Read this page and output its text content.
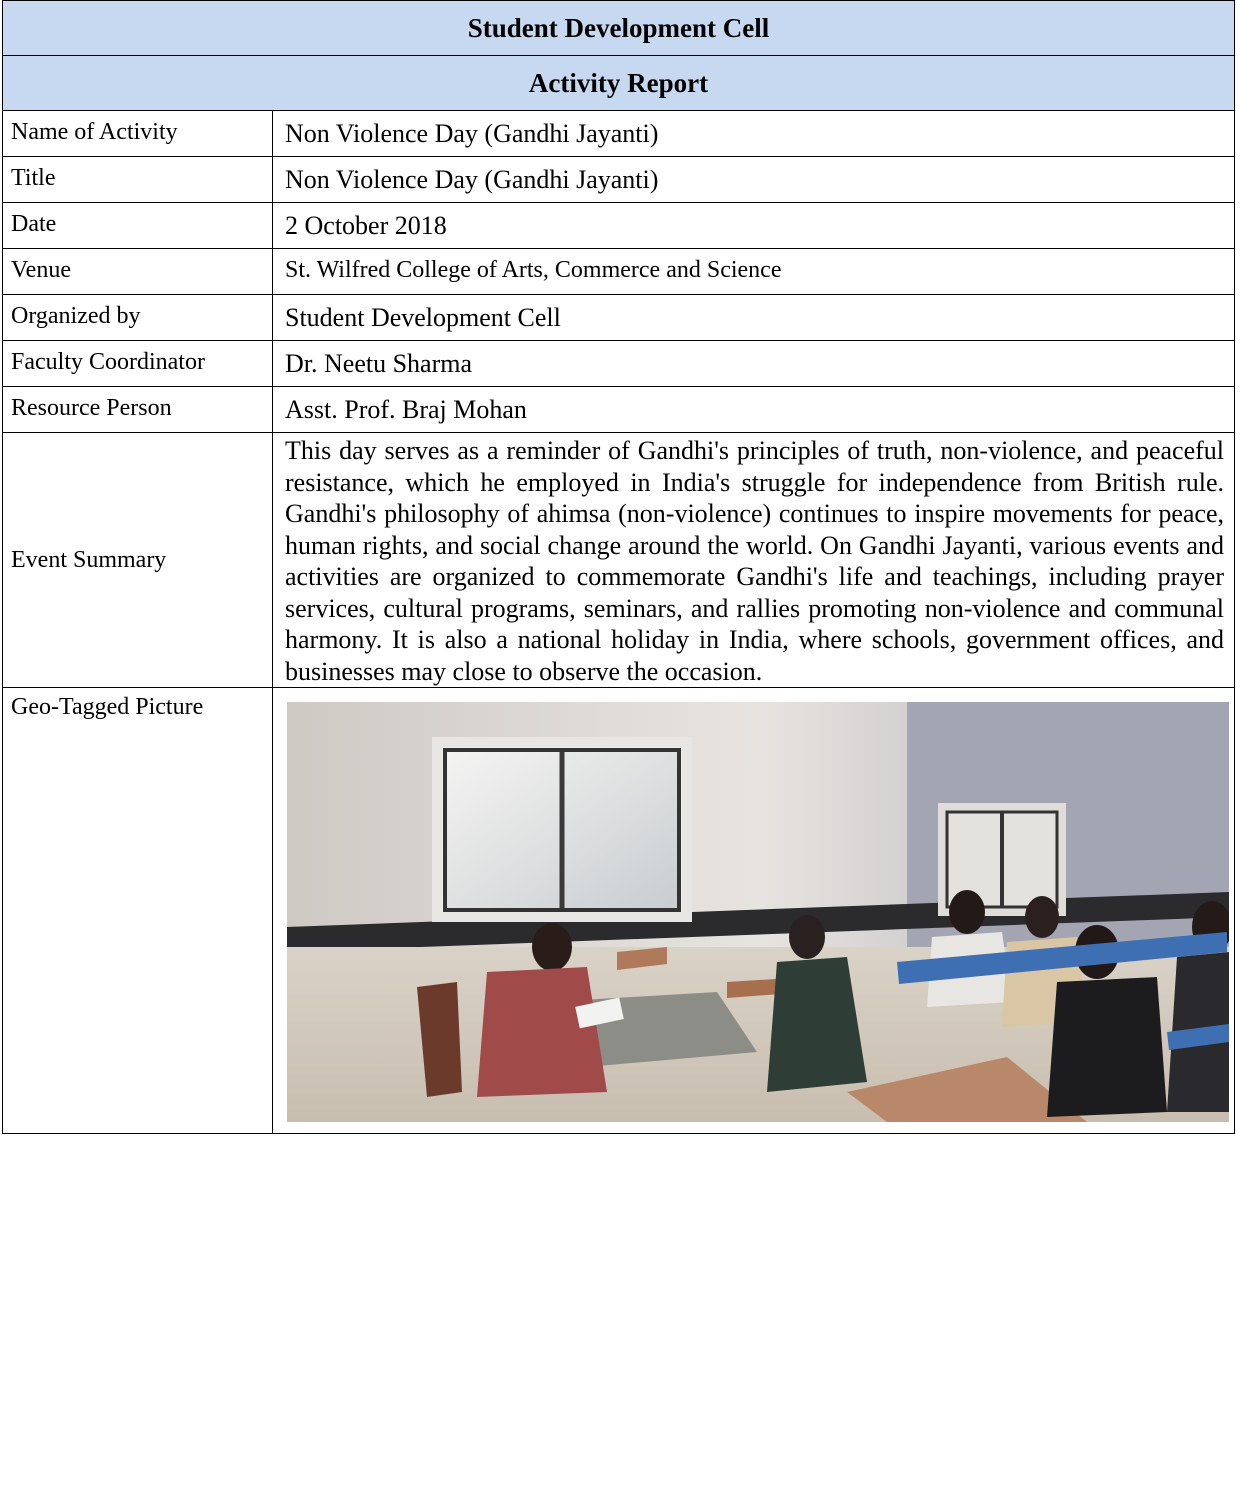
Student Development Cell	

Activity Report	

Name of Activity	Non Violence Day (Gandhi Jayanti)

Title	Non Violence Day (Gandhi Jayanti)

Date	2 October 2018

Venue	St. Wilfred College of Arts, Commerce and Science

Organized by	Student Development Cell

Faculty Coordinator	Dr. Neetu Sharma

Resource Person	Asst. Prof. Braj Mohan

Event Summary	This day serves as a reminder of Gandhi's principles of truth, non-violence, and peaceful resistance, which he employed in India's struggle for independence from British rule. Gandhi's philosophy of ahimsa (non-violence) continues to inspire movements for peace, human rights, and social change around the world. On Gandhi Jayanti, various events and activities are organized to commemorate Gandhi's life and teachings, including prayer services, cultural programs, seminars, and rallies promoting non-violence and communal harmony. It is also a national holiday in India, where schools, government offices, and businesses may close to observe the occasion.

Geo-Tagged Picture
